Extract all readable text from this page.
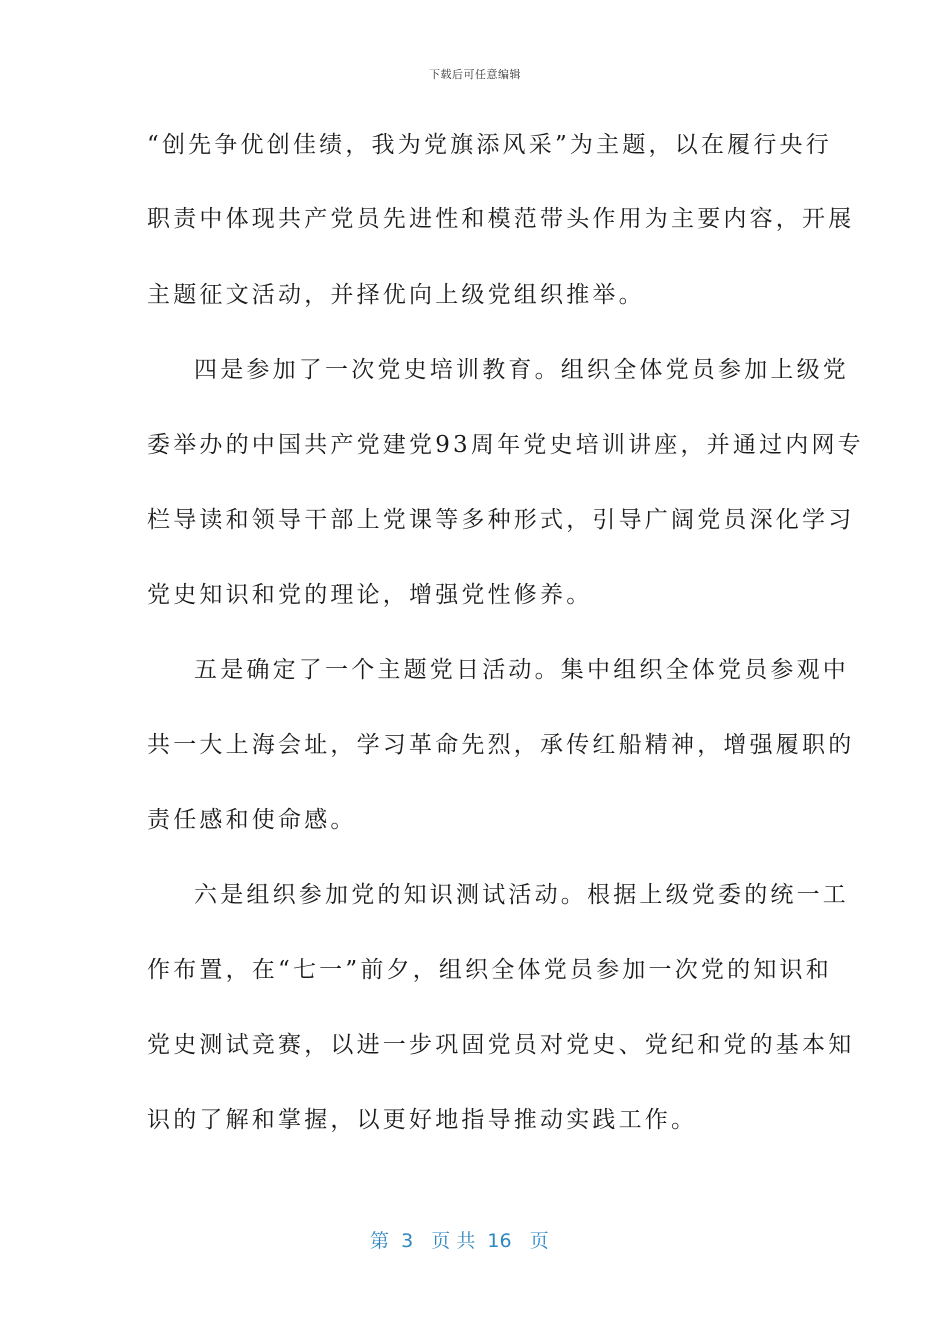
下载后可任意编辑
“创先争优创佳绩，我为党旗添风采”为主题，以在履行央行
职责中体现共产党员先进性和模范带头作用为主要内容，开展
主题征文活动，并择优向上级党组织推举。
四是参加了一次党史培训教育。组织全体党员参加上级党
委举办的中国共产党建党93周年党史培训讲座，并通过内网专
栏导读和领导干部上党课等多种形式，引导广阔党员深化学习
党史知识和党的理论，增强党性修养。
五是确定了一个主题党日活动。集中组织全体党员参观中
共一大上海会址，学习革命先烈，承传红船精神，增强履职的
责任感和使命感。
六是组织参加党的知识测试活动。根据上级党委的统一工
作布置，在“七一”前夕，组织全体党员参加一次党的知识和
党史测试竞赛，以进一步巩固党员对党史、党纪和党的基本知
识的了解和掌握，以更好地指导推动实践工作。
第  3   页 共  16   页
